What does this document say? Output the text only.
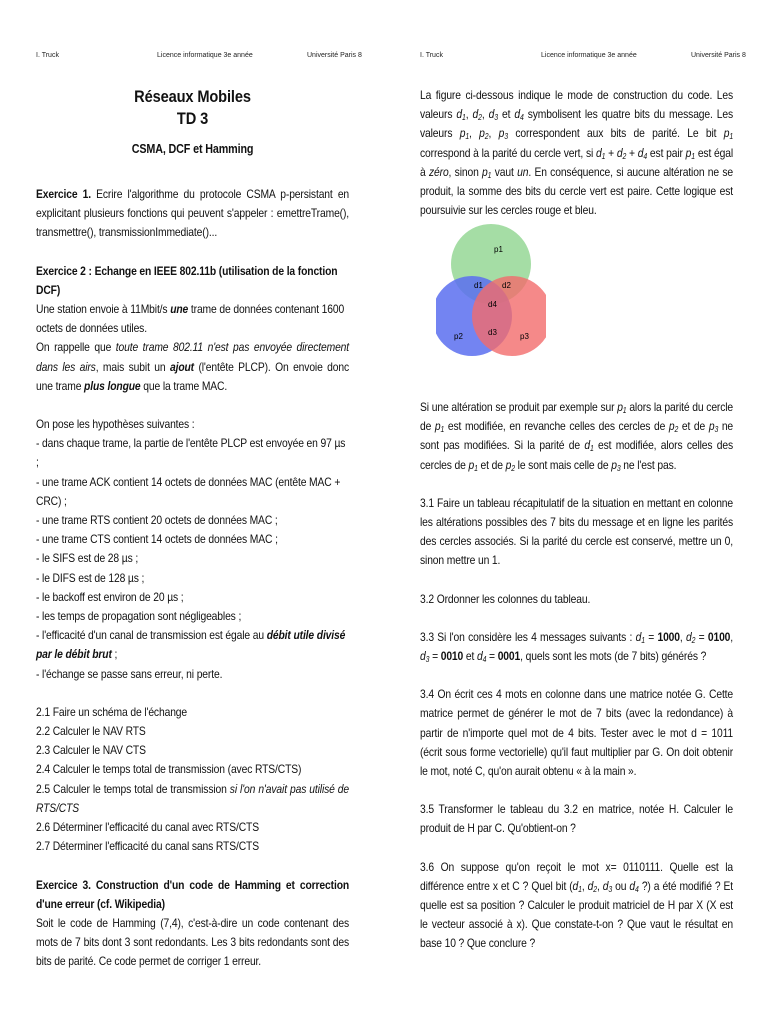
I. Truck	Licence informatique 3e année	Université Paris 8
Réseaux Mobiles
TD 3
CSMA, DCF et Hamming

Exercice 1. Ecrire l'algorithme du protocole CSMA p-persistant en explicitant plusieurs fonctions qui peuvent s'appeler : emettreTrame(), transmettre(), transmissionImmediate()...

Exercice 2 : Echange en IEEE 802.11b (utilisation de la fonction DCF)

Une station envoie à 11Mbit/s une trame de données contenant 1600 octets de données utiles.

On rappelle que toute trame 802.11 n'est pas envoyée directement dans les airs, mais subit un ajout (l'entête PLCP). On envoie donc une trame plus longue que la trame MAC.

On pose les hypothèses suivantes :

- dans chaque trame, la partie de l'entête PLCP est envoyée en 97 µs ;

- une trame ACK contient 14 octets de données MAC (entête MAC + CRC) ;

- une trame RTS contient 20 octets de données MAC ;

- une trame CTS contient 14 octets de données MAC ;

- le SIFS est de 28 µs ;

- le DIFS est de 128 µs ;

- le backoff est environ de 20 µs ;

- les temps de propagation sont négligeables ;

- l'efficacité d'un canal de transmission est égale au débit utile divisé par le débit brut ;

- l'échange se passe sans erreur, ni perte.

2.1 Faire un schéma de l'échange

2.2 Calculer le NAV RTS

2.3 Calculer le NAV CTS

2.4 Calculer le temps total de transmission (avec RTS/CTS)

2.5 Calculer le temps total de transmission si l'on n'avait pas utilisé de RTS/CTS

2.6 Déterminer l'efficacité du canal avec RTS/CTS

2.7 Déterminer l'efficacité du canal sans RTS/CTS

Exercice 3. Construction d'un code de Hamming et correction d'une erreur (cf. Wikipedia)

Soit le code de Hamming (7,4), c'est-à-dire un code contenant des mots de 7 bits dont 3 sont redondants. Les 3 bits redondants sont des bits de parité. Ce code permet de corriger 1 erreur.

I. Truck	Licence informatique 3e année	Université Paris 8

La figure ci-dessous indique le mode de construction du code. Les valeurs $d_1$, $d_2$, $d_3$ et $d_4$ symbolisent les quatre bits du message. Les valeurs $p_1$, $p_2$, $p_3$ correspondent aux bits de parité. Le bit $p_1$ correspond à la parité du cercle vert, si $d_1 + d_2 + d_4$ est pair $p_1$ est égal à zéro, sinon $p_1$ vaut un. En conséquence, si aucune altération ne se produit, la somme des bits du cercle vert est paire. Cette logique est poursuivie sur les cercles rouge et bleu.

p1
d1 d2
d4
p2	d3	p3

Si une altération se produit par exemple sur $p_1$ alors la parité du cercle de $p_1$ est modifiée, en revanche celles des cercles de $p_2$ et de $p_3$ ne sont pas modifiées. Si la parité de $d_1$ est modifiée, alors celles des cercles de $p_1$ et de $p_2$ le sont mais celle de $p_3$ ne l'est pas.

3.1 Faire un tableau récapitulatif de la situation en mettant en colonne les altérations possibles des 7 bits du message et en ligne les parités des cercles associés. Si la parité du cercle est conservé, mettre un 0, sinon mettre un 1.

3.2 Ordonner les colonnes du tableau.

3.3 Si l'on considère les 4 messages suivants : $d_1 = 1000$, $d_2 = 0100$, $d_3 = 0010$ et $d_4 = 0001$, quels sont les mots (de 7 bits) générés ?

3.4 On écrit ces 4 mots en colonne dans une matrice notée G. Cette matrice permet de générer le mot de 7 bits (avec la redondance) à partir de n'importe quel mot de 4 bits. Tester avec le mot d = 1011 (écrit sous forme vectorielle) qu'il faut multiplier par G. On doit obtenir le mot, noté C, qu'on aurait obtenu « à la main ».

3.5 Transformer le tableau du 3.2 en matrice, notée H. Calculer le produit de H par C. Qu'obtient-on ?

3.6 On suppose qu'on reçoit le mot x= 0110111. Quelle est la différence entre x et C ? Quel bit ($d_1$, $d_2$, $d_3$ ou $d_4$ ?) a été modifié ? Et quelle est sa position ? Calculer le produit matriciel de H par X (X est le vecteur associé à x). Que constate-t-on ? Que vaut le résultat en base 10 ? Que conclure ?
